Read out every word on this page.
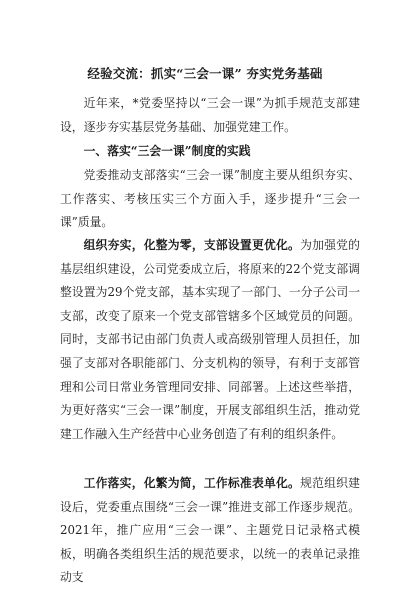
经验交流：抓实“三会一课” 夯实党务基础

近年来，*党委坚持以“三会一课”为抓手规范支部建设，逐步夯实基层党务基础、加强党建工作。

一、落实“三会一课”制度的实践

党委推动支部落实“三会一课”制度主要从组织夯实、工作落实、考核压实三个方面入手，逐步提升“三会一课”质量。

组织夯实，化整为零，支部设置更优化。为加强党的基层组织建设，公司党委成立后，将原来的22个党支部调整设置为29个党支部，基本实现了一部门、一分子公司一支部，改变了原来一个党支部管辖多个区域党员的问题。同时，支部书记由部门负责人或高级别管理人员担任，加强了支部对各职能部门、分支机构的领导，有利于支部管理和公司日常业务管理同安排、同部署。上述这些举措，为更好落实“三会一课”制度，开展支部组织生活，推动党建工作融入生产经营中心业务创造了有利的组织条件。

工作落实，化繁为简，工作标准表单化。规范组织建设后，党委重点围绕“三会一课”推进支部工作逐步规范。2021年，推广应用“三会一课”、主题党日记录格式模板，明确各类组织生活的规范要求，以统一的表单记录推动支
